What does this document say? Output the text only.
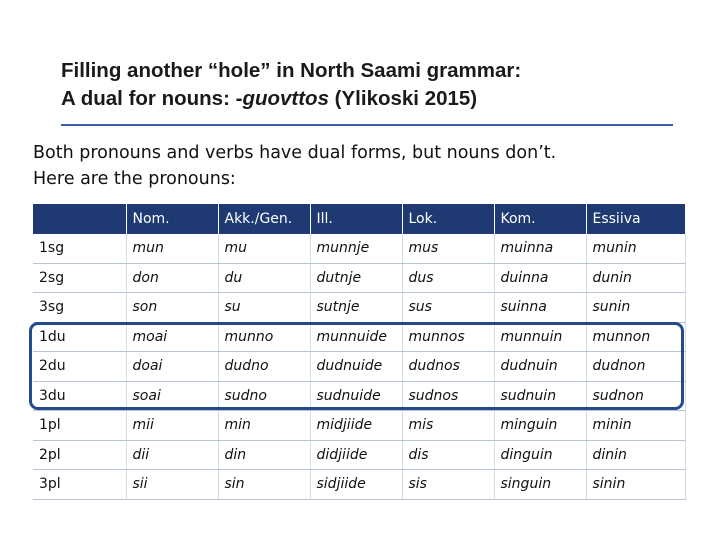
Filling another “hole” in North Saami grammar:
A dual for nouns: -guovttos (Ylikoski 2015)
Both pronouns and verbs have dual forms, but nouns don’t.
Here are the pronouns:
	Nom.	Akk./Gen.	Ill.	Lok.	Kom.	Essiiva
1sg	mun	mu	munnje	mus	muinna	munin
2sg	don	du	dutnje	dus	duinna	dunin
3sg	son	su	sutnje	sus	suinna	sunin
1du	moai	munno	munnuide	munnos	munnuin	munnon
2du	doai	dudno	dudnuide	dudnos	dudnuin	dudnon
3du	soai	sudno	sudnuide	sudnos	sudnuin	sudnon
1pl	mii	min	midjiide	mis	minguin	minin
2pl	dii	din	didjiide	dis	dinguin	dinin
3pl	sii	sin	sidjiide	sis	singuin	sinin
